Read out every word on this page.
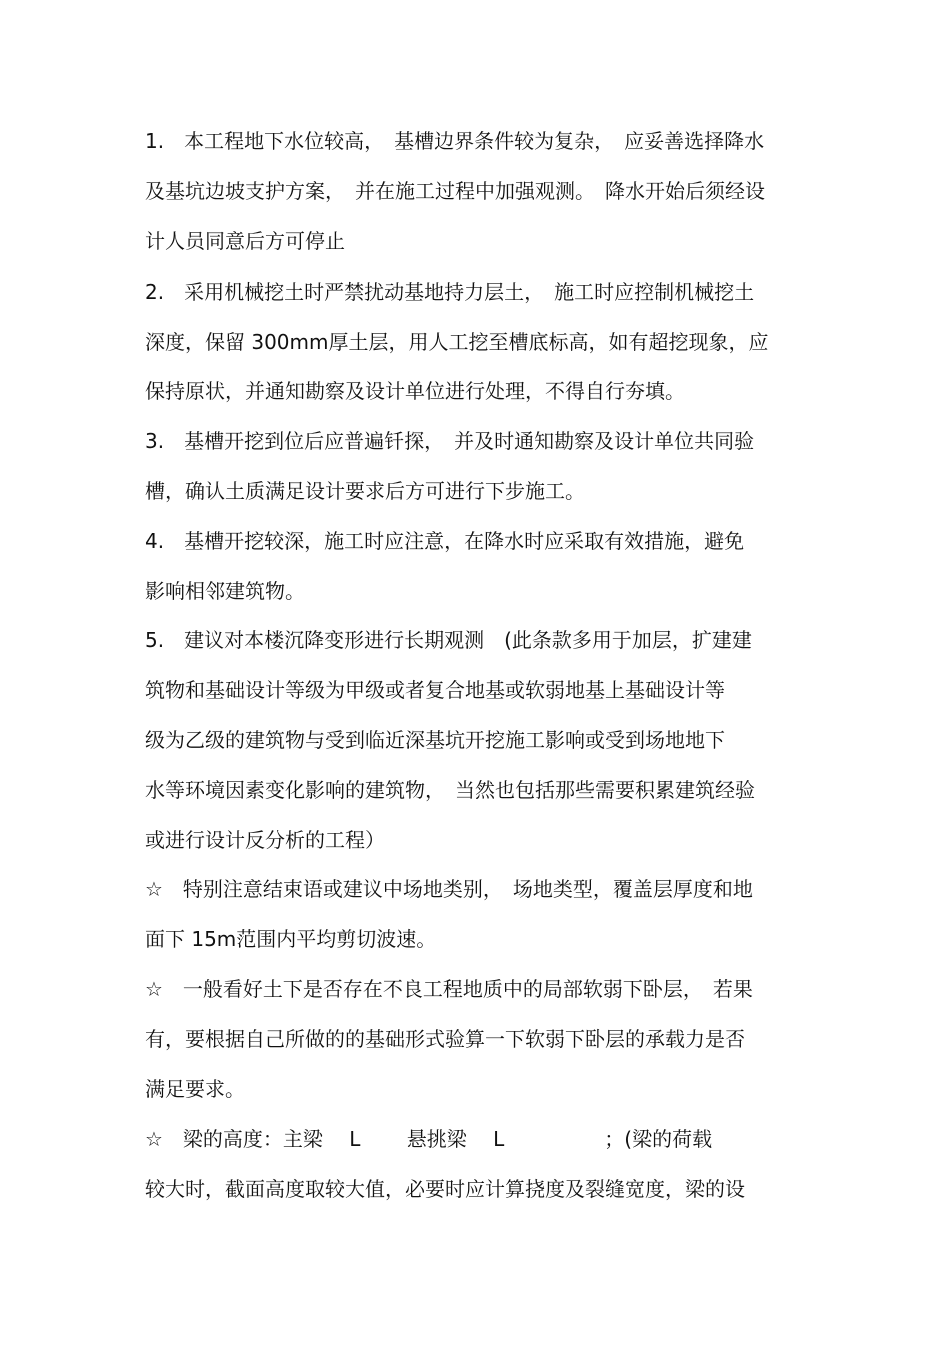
1.　本工程地下水位较高，　基槽边界条件较为复杂，　应妥善选择降水
及基坑边坡支护方案，　并在施工过程中加强观测。　降水开始后须经设
计人员同意后方可停止
2.　采用机械挖土时严禁扰动基地持力层土，　施工时应控制机械挖土
深度，保留 300mm厚土层，用人工挖至槽底标高，如有超挖现象，应
保持原状，并通知勘察及设计单位进行处理，不得自行夯填。
3.　基槽开挖到位后应普遍钎探，　并及时通知勘察及设计单位共同验
槽，确认土质满足设计要求后方可进行下步施工。
4.　基槽开挖较深，施工时应注意，在降水时应采取有效措施，避免
影响相邻建筑物。
5.　建议对本楼沉降变形进行长期观测　(此条款多用于加层，扩建建
筑物和基础设计等级为甲级或者复合地基或软弱地基上基础设计等
级为乙级的建筑物与受到临近深基坑开挖施工影响或受到场地地下
水等环境因素变化影响的建筑物，　当然也包括那些需要积累建筑经验
或进行设计反分析的工程）
☆　特别注意结束语或建议中场地类别，　场地类型，覆盖层厚度和地
面下 15m范围内平均剪切波速。
☆　一般看好土下是否存在不良工程地质中的局部软弱下卧层，　若果
有，要根据自己所做的的基础形式验算一下软弱下卧层的承载力是否
满足要求。
☆　梁的高度：主梁　 L　　 悬挑梁　 L　　　　　；(梁的荷载
较大时，截面高度取较大值，必要时应计算挠度及裂缝宽度，梁的设
